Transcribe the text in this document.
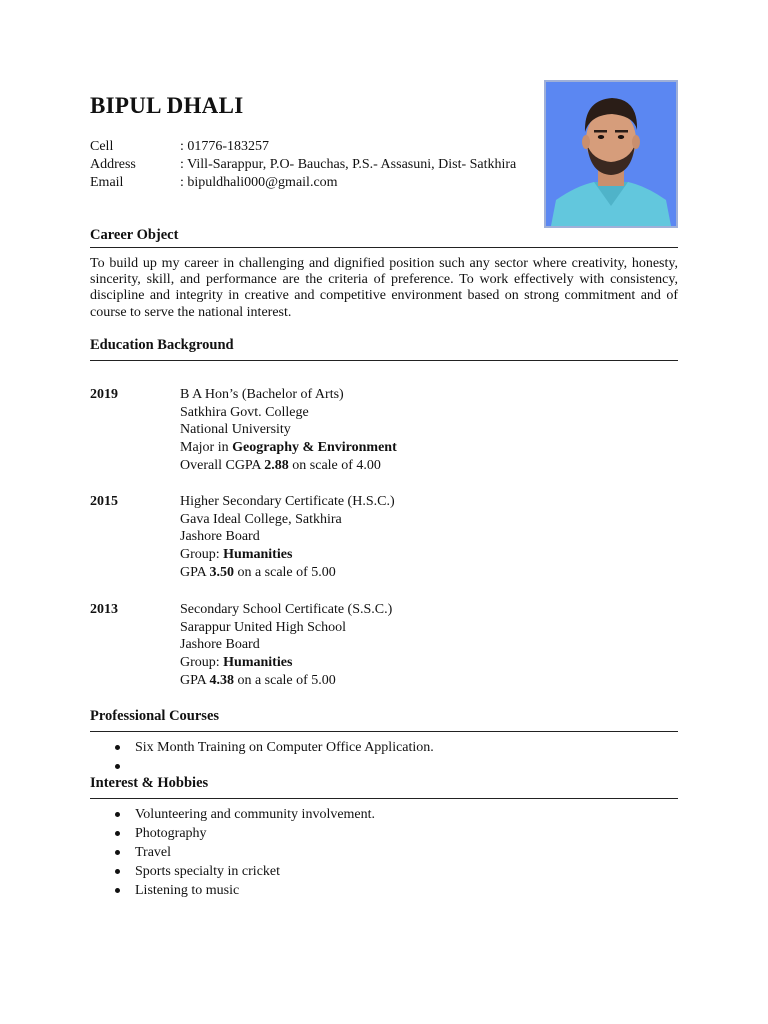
BIPUL DHALI
Cell	: 01776-183257
Address	: Vill-Sarappur, P.O- Bauchas, P.S.- Assasuni, Dist- Satkhira
Email	: bipuldhali000@gmail.com
Career Object
To build up my career in challenging and dignified position such any sector where creativity, honesty, sincerity, skill, and performance are the criteria of preference. To work effectively with consistency, discipline and integrity in creative and competitive environment based on strong commitment and of course to serve the national interest.
Education Background
2019	B A Hon’s (Bachelor of Arts)
Satkhira Govt. College
National University
Major in Geography & Environment
Overall CGPA 2.88 on scale of 4.00
2015	Higher Secondary Certificate (H.S.C.)
Gava Ideal College, Satkhira
Jashore Board
Group: Humanities
GPA 3.50 on a scale of 5.00
2013	Secondary School Certificate (S.S.C.)
Sarappur United High School
Jashore Board
Group: Humanities
GPA 4.38 on a scale of 5.00
Professional Courses
Six Month Training on Computer Office Application.
Interest & Hobbies
Volunteering and community involvement.
Photography
Travel
Sports specialty in cricket
Listening to music
